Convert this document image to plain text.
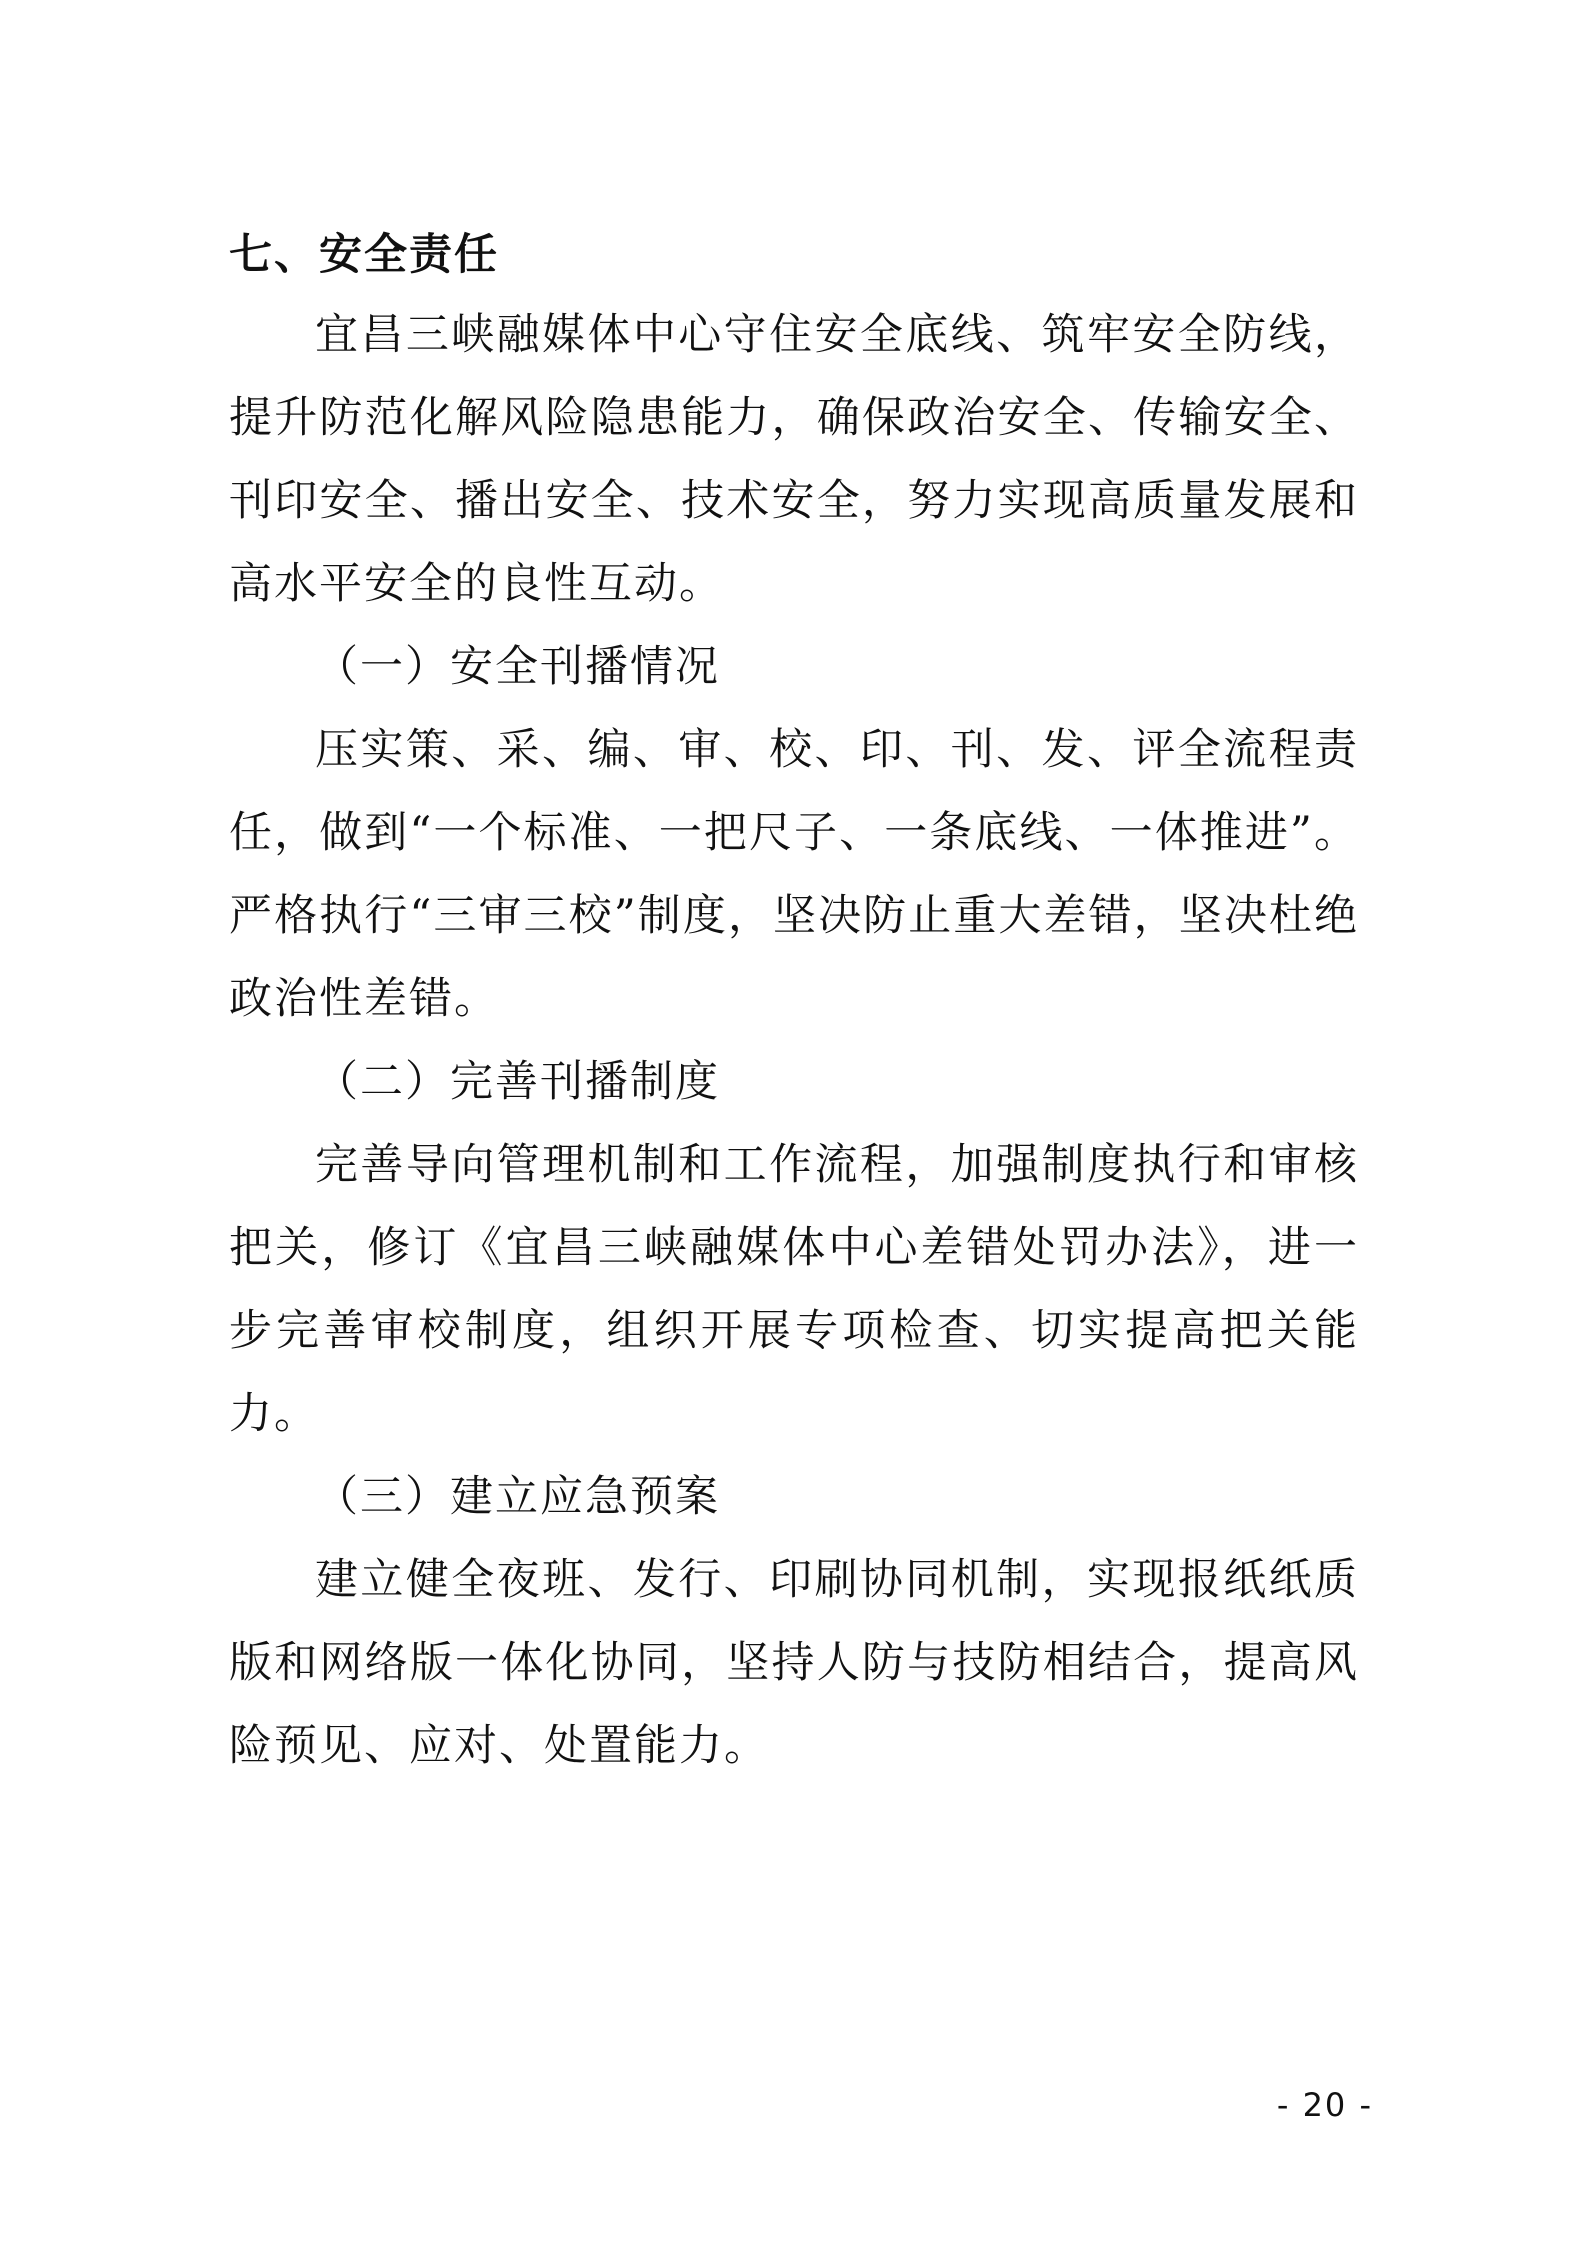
七、安全责任

宜昌三峡融媒体中心守住安全底线、筑牢安全防线，提升防范化解风险隐患能力，确保政治安全、传输安全、刊印安全、播出安全、技术安全，努力实现高质量发展和高水平安全的良性互动。

（一）安全刊播情况

压实策、采、编、审、校、印、刊、发、评全流程责任，做到“一个标准、一把尺子、一条底线、一体推进”。严格执行“三审三校”制度，坚决防止重大差错，坚决杜绝政治性差错。

（二）完善刊播制度

完善导向管理机制和工作流程，加强制度执行和审核把关，修订《宜昌三峡融媒体中心差错处罚办法》，进一步完善审校制度，组织开展专项检查、切实提高把关能力。

（三）建立应急预案

建立健全夜班、发行、印刷协同机制，实现报纸纸质版和网络版一体化协同，坚持人防与技防相结合，提高风险预见、应对、处置能力。

- 20 -
